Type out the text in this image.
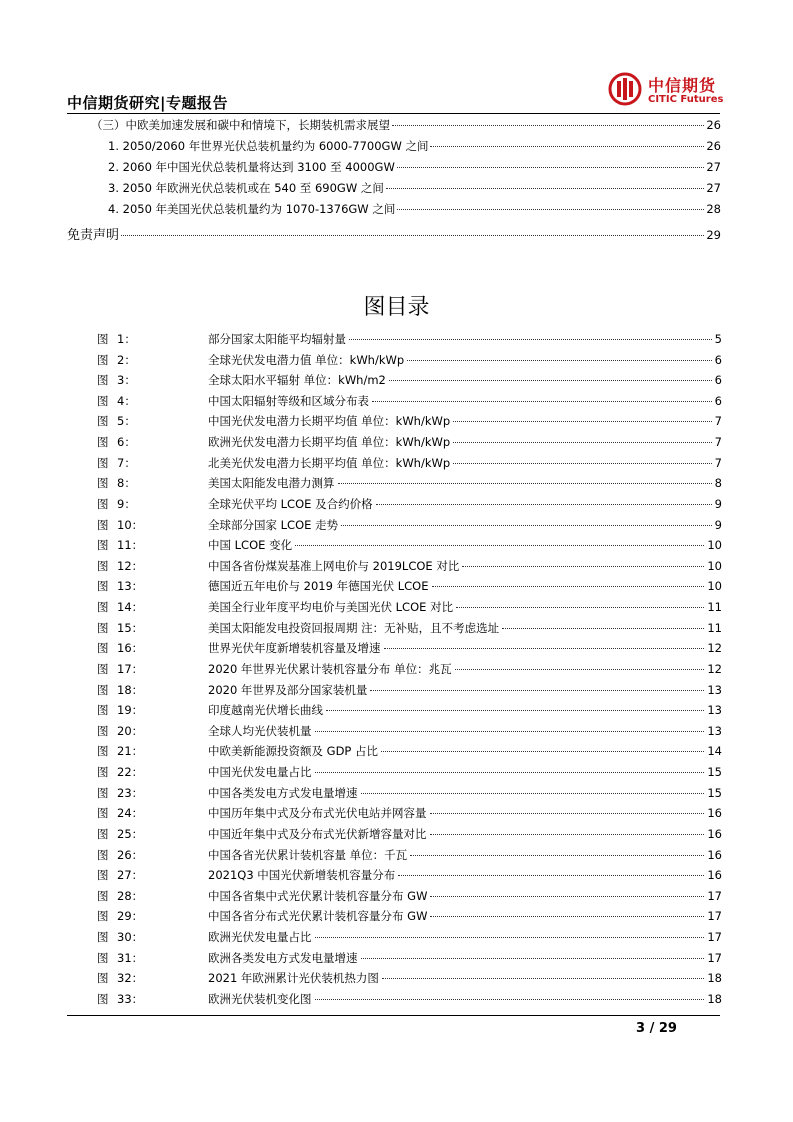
中信期货研究|专题报告
中信期货
CITIC Futures
（三）中欧美加速发展和碳中和情境下，长期装机需求展望	26
1. 2050/2060 年世界光伏总装机量约为 6000-7700GW 之间	26
2. 2060 年中国光伏总装机量将达到 3100 至 4000GW	27
3. 2050 年欧洲光伏总装机或在 540 至 690GW 之间	27
4. 2050 年美国光伏总装机量约为 1070-1376GW 之间	28
免责声明	29
图目录
图 1：	部分国家太阳能平均辐射量	5
图 2：	全球光伏发电潜力值 单位：kWh/kWp	6
图 3：	全球太阳水平辐射 单位：kWh/m2	6
图 4：	中国太阳辐射等级和区域分布表	6
图 5：	中国光伏发电潜力长期平均值 单位：kWh/kWp	7
图 6：	欧洲光伏发电潜力长期平均值 单位：kWh/kWp	7
图 7：	北美光伏发电潜力长期平均值 单位：kWh/kWp	7
图 8：	美国太阳能发电潜力测算	8
图 9：	全球光伏平均 LCOE 及合约价格	9
图 10：	全球部分国家 LCOE 走势	9
图 11：	中国 LCOE 变化	10
图 12：	中国各省份煤炭基准上网电价与 2019LCOE 对比	10
图 13：	德国近五年电价与 2019 年德国光伏 LCOE	10
图 14：	美国全行业年度平均电价与美国光伏 LCOE 对比	11
图 15：	美国太阳能发电投资回报周期 注：无补贴，且不考虑选址	11
图 16：	世界光伏年度新增装机容量及增速	12
图 17：	2020 年世界光伏累计装机容量分布 单位：兆瓦	12
图 18：	2020 年世界及部分国家装机量	13
图 19：	印度越南光伏增长曲线	13
图 20：	全球人均光伏装机量	13
图 21：	中欧美新能源投资额及 GDP 占比	14
图 22：	中国光伏发电量占比	15
图 23：	中国各类发电方式发电量增速	15
图 24：	中国历年集中式及分布式光伏电站并网容量	16
图 25：	中国近年集中式及分布式光伏新增容量对比	16
图 26：	中国各省光伏累计装机容量 单位：千瓦	16
图 27：	2021Q3 中国光伏新增装机容量分布	16
图 28：	中国各省集中式光伏累计装机容量分布 GW	17
图 29：	中国各省分布式光伏累计装机容量分布 GW	17
图 30：	欧洲光伏发电量占比	17
图 31：	欧洲各类发电方式发电量增速	17
图 32：	2021 年欧洲累计光伏装机热力图	18
图 33：	欧洲光伏装机变化图	18
3 / 29
